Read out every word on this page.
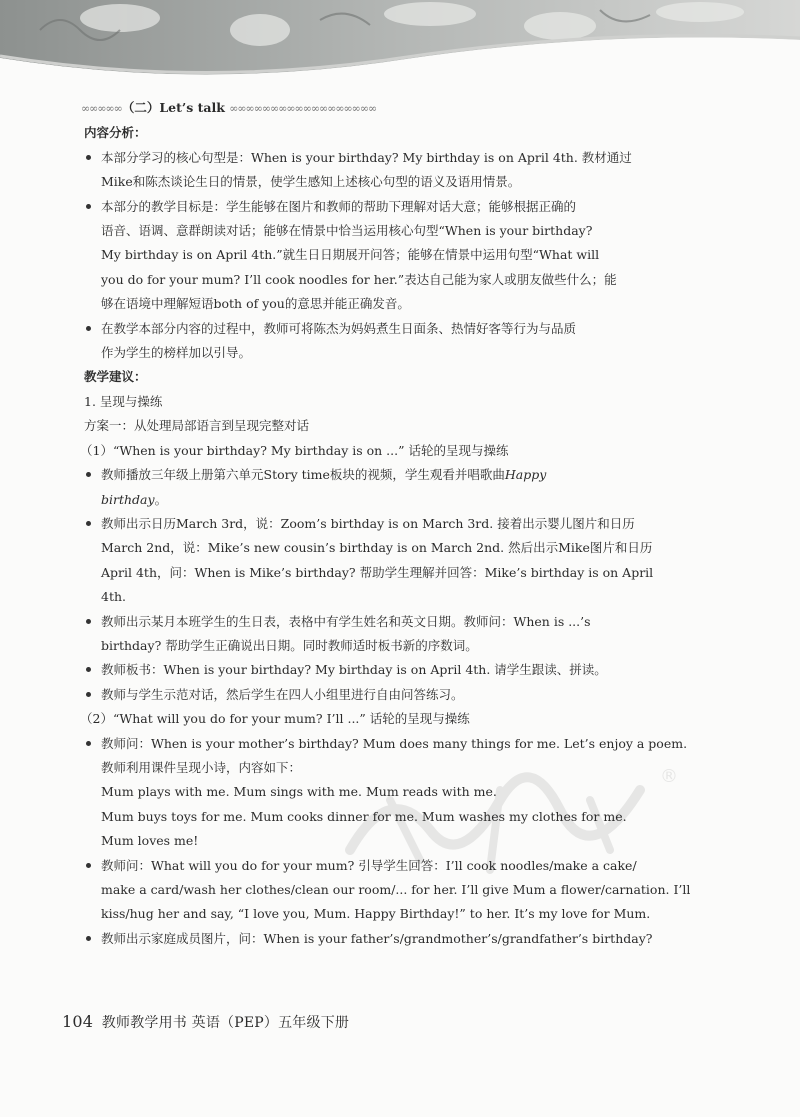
®
∞∞∞∞∞（二）Let’s talk ∞∞∞∞∞∞∞∞∞∞∞∞∞∞∞∞∞∞
内容分析：
本部分学习的核心句型是：When is your birthday? My birthday is on April 4th. 教材通过
Mike和陈杰谈论生日的情景，使学生感知上述核心句型的语义及语用情景。
本部分的教学目标是：学生能够在图片和教师的帮助下理解对话大意；能够根据正确的
语音、语调、意群朗读对话；能够在情景中恰当运用核心句型“When is your birthday?
My birthday is on April 4th.”就生日日期展开问答；能够在情景中运用句型“What will
you do for your mum? I’ll cook noodles for her.”表达自己能为家人或朋友做些什么；能
够在语境中理解短语both of you的意思并能正确发音。
在教学本部分内容的过程中，教师可将陈杰为妈妈煮生日面条、热情好客等行为与品质
作为学生的榜样加以引导。
教学建议：
1. 呈现与操练
方案一：从处理局部语言到呈现完整对话
（1）“When is your birthday? My birthday is on ...” 话轮的呈现与操练
教师播放三年级上册第六单元Story time板块的视频，学生观看并唱歌曲Happy
birthday。
教师出示日历March 3rd，说：Zoom’s birthday is on March 3rd. 接着出示婴儿图片和日历
March 2nd，说：Mike’s new cousin’s birthday is on March 2nd. 然后出示Mike图片和日历
April 4th，问：When is Mike’s birthday? 帮助学生理解并回答：Mike’s birthday is on April
4th.
教师出示某月本班学生的生日表，表格中有学生姓名和英文日期。教师问：When is ...’s
birthday? 帮助学生正确说出日期。同时教师适时板书新的序数词。
教师板书：When is your birthday? My birthday is on April 4th. 请学生跟读、拼读。
教师与学生示范对话，然后学生在四人小组里进行自由问答练习。
（2）“What will you do for your mum? I’ll ...” 话轮的呈现与操练
教师问：When is your mother’s birthday? Mum does many things for me. Let’s enjoy a poem.
教师利用课件呈现小诗，内容如下：
Mum plays with me. Mum sings with me. Mum reads with me.
Mum buys toys for me. Mum cooks dinner for me. Mum washes my clothes for me.
Mum loves me!
教师问：What will you do for your mum? 引导学生回答：I’ll cook noodles/make a cake/
make a card/wash her clothes/clean our room/... for her. I’ll give Mum a flower/carnation. I’ll
kiss/hug her and say, “I love you, Mum. Happy Birthday!” to her. It’s my love for Mum.
教师出示家庭成员图片，问：When is your father’s/grandmother’s/grandfather’s birthday?
104 教师教学用书 英语（PEP）五年级下册
